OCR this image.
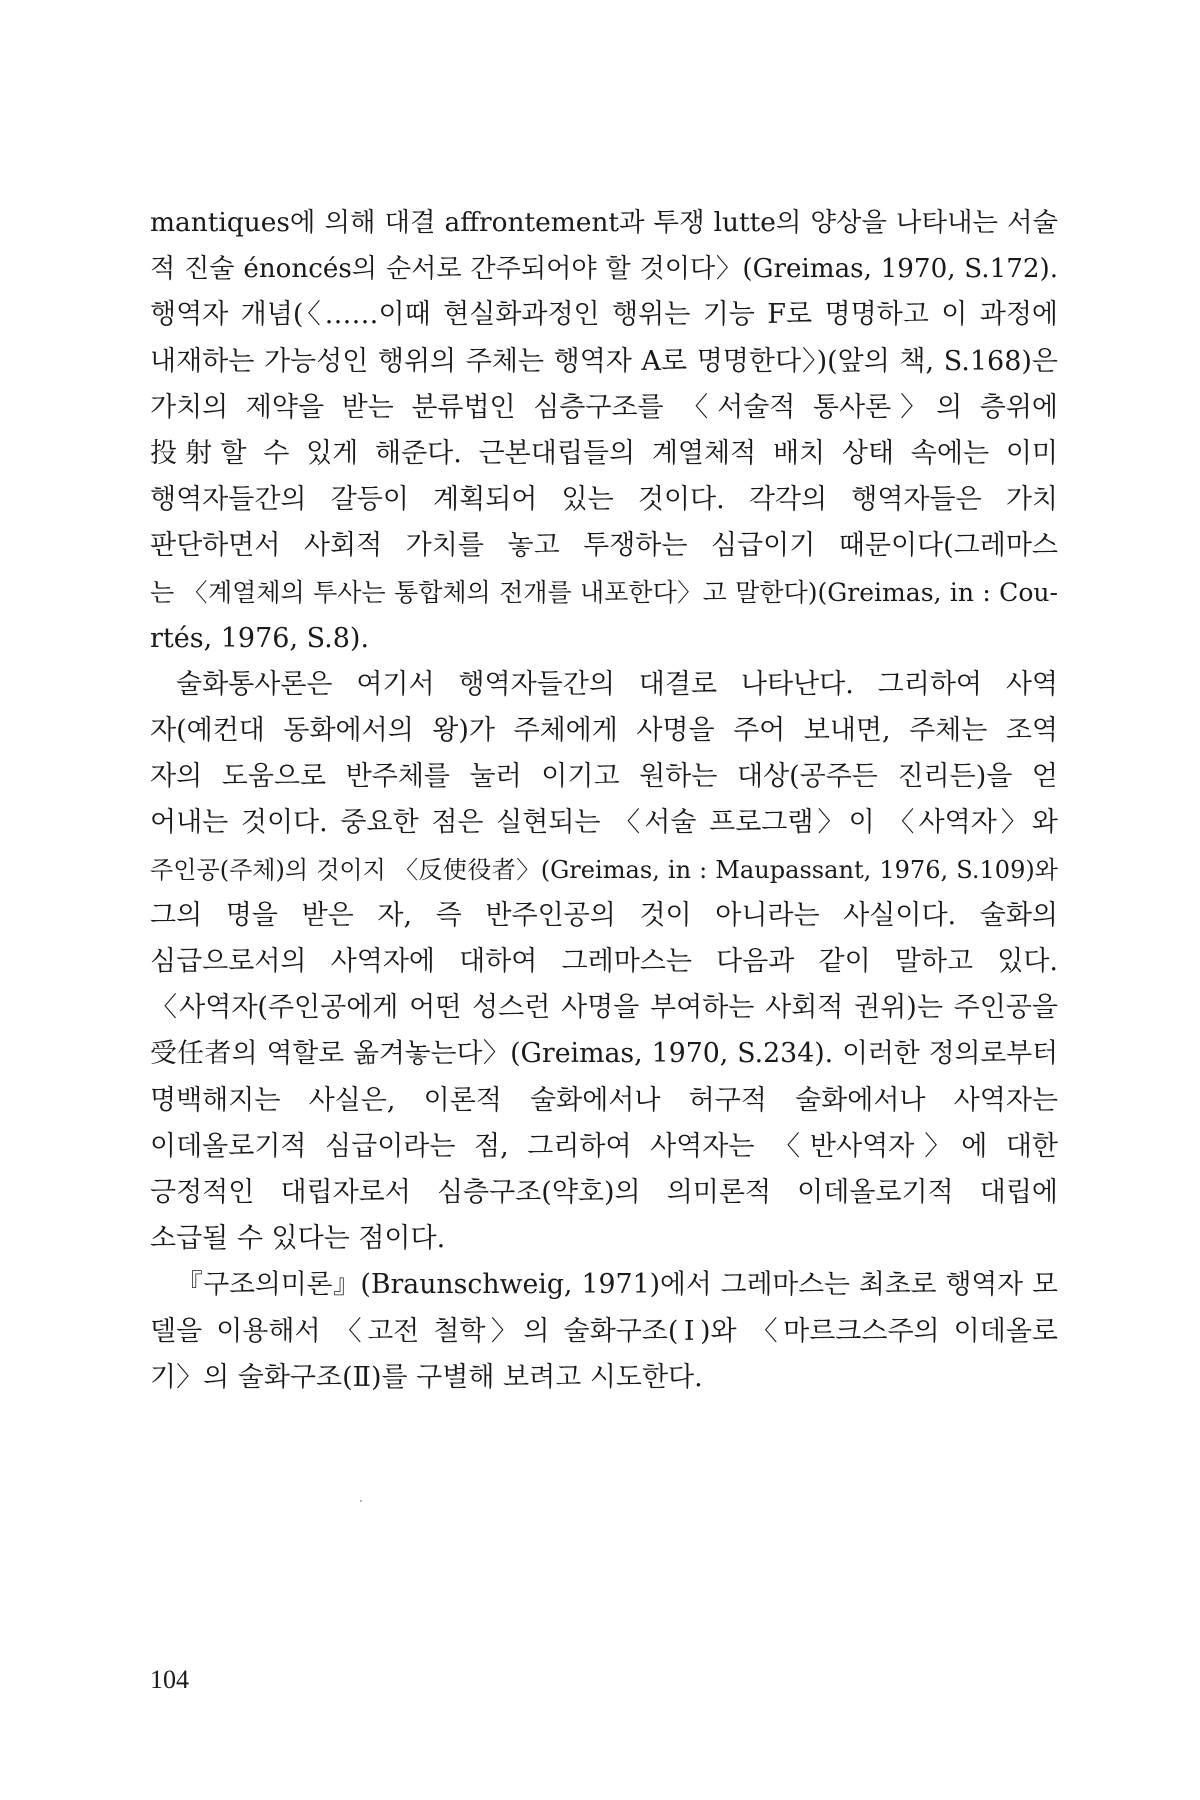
mantiques에 의해 대결 affrontement과 투쟁 lutte의 양상을 나타내는 서술
적 진술 énoncés의 순서로 간주되어야 할 것이다〉(Greimas, 1970, S.172).
행역자 개념(〈……이때 현실화과정인 행위는 기능 F로 명명하고 이 과정에
내재하는 가능성인 행위의 주체는 행역자 A로 명명한다〉)(앞의 책, S.168)은
가치의 제약을 받는 분류법인 심층구조를 〈서술적 통사론〉의 층위에
投射할 수 있게 해준다. 근본대립들의 계열체적 배치 상태 속에는 이미
행역자들간의 갈등이 계획되어 있는 것이다. 각각의 행역자들은 가치
판단하면서 사회적 가치를 놓고 투쟁하는 심급이기 때문이다(그레마스
는 〈계열체의 투사는 통합체의 전개를 내포한다〉고 말한다)(Greimas, in : Cou-
rtés, 1976, S.8).
술화통사론은 여기서 행역자들간의 대결로 나타난다. 그리하여 사역
자(예컨대 동화에서의 왕)가 주체에게 사명을 주어 보내면, 주체는 조역
자의 도움으로 반주체를 눌러 이기고 원하는 대상(공주든 진리든)을 얻
어내는 것이다. 중요한 점은 실현되는 〈서술 프로그램〉이 〈사역자〉와
주인공(주체)의 것이지 〈反使役者〉(Greimas, in : Maupassant, 1976, S.109)와
그의 명을 받은 자, 즉 반주인공의 것이 아니라는 사실이다. 술화의
심급으로서의 사역자에 대하여 그레마스는 다음과 같이 말하고 있다.
〈사역자(주인공에게 어떤 성스런 사명을 부여하는 사회적 권위)는 주인공을
受任者의 역할로 옮겨놓는다〉(Greimas, 1970, S.234). 이러한 정의로부터
명백해지는 사실은, 이론적 술화에서나 허구적 술화에서나 사역자는
이데올로기적 심급이라는 점, 그리하여 사역자는 〈반사역자〉에 대한
긍정적인 대립자로서 심층구조(약호)의 의미론적 이데올로기적 대립에
소급될 수 있다는 점이다.
『구조의미론』(Braunschweig, 1971)에서 그레마스는 최초로 행역자 모
델을 이용해서 〈고전 철학〉의 술화구조(Ⅰ)와 〈마르크스주의 이데올로
기〉의 술화구조(Ⅱ)를 구별해 보려고 시도한다.
104
